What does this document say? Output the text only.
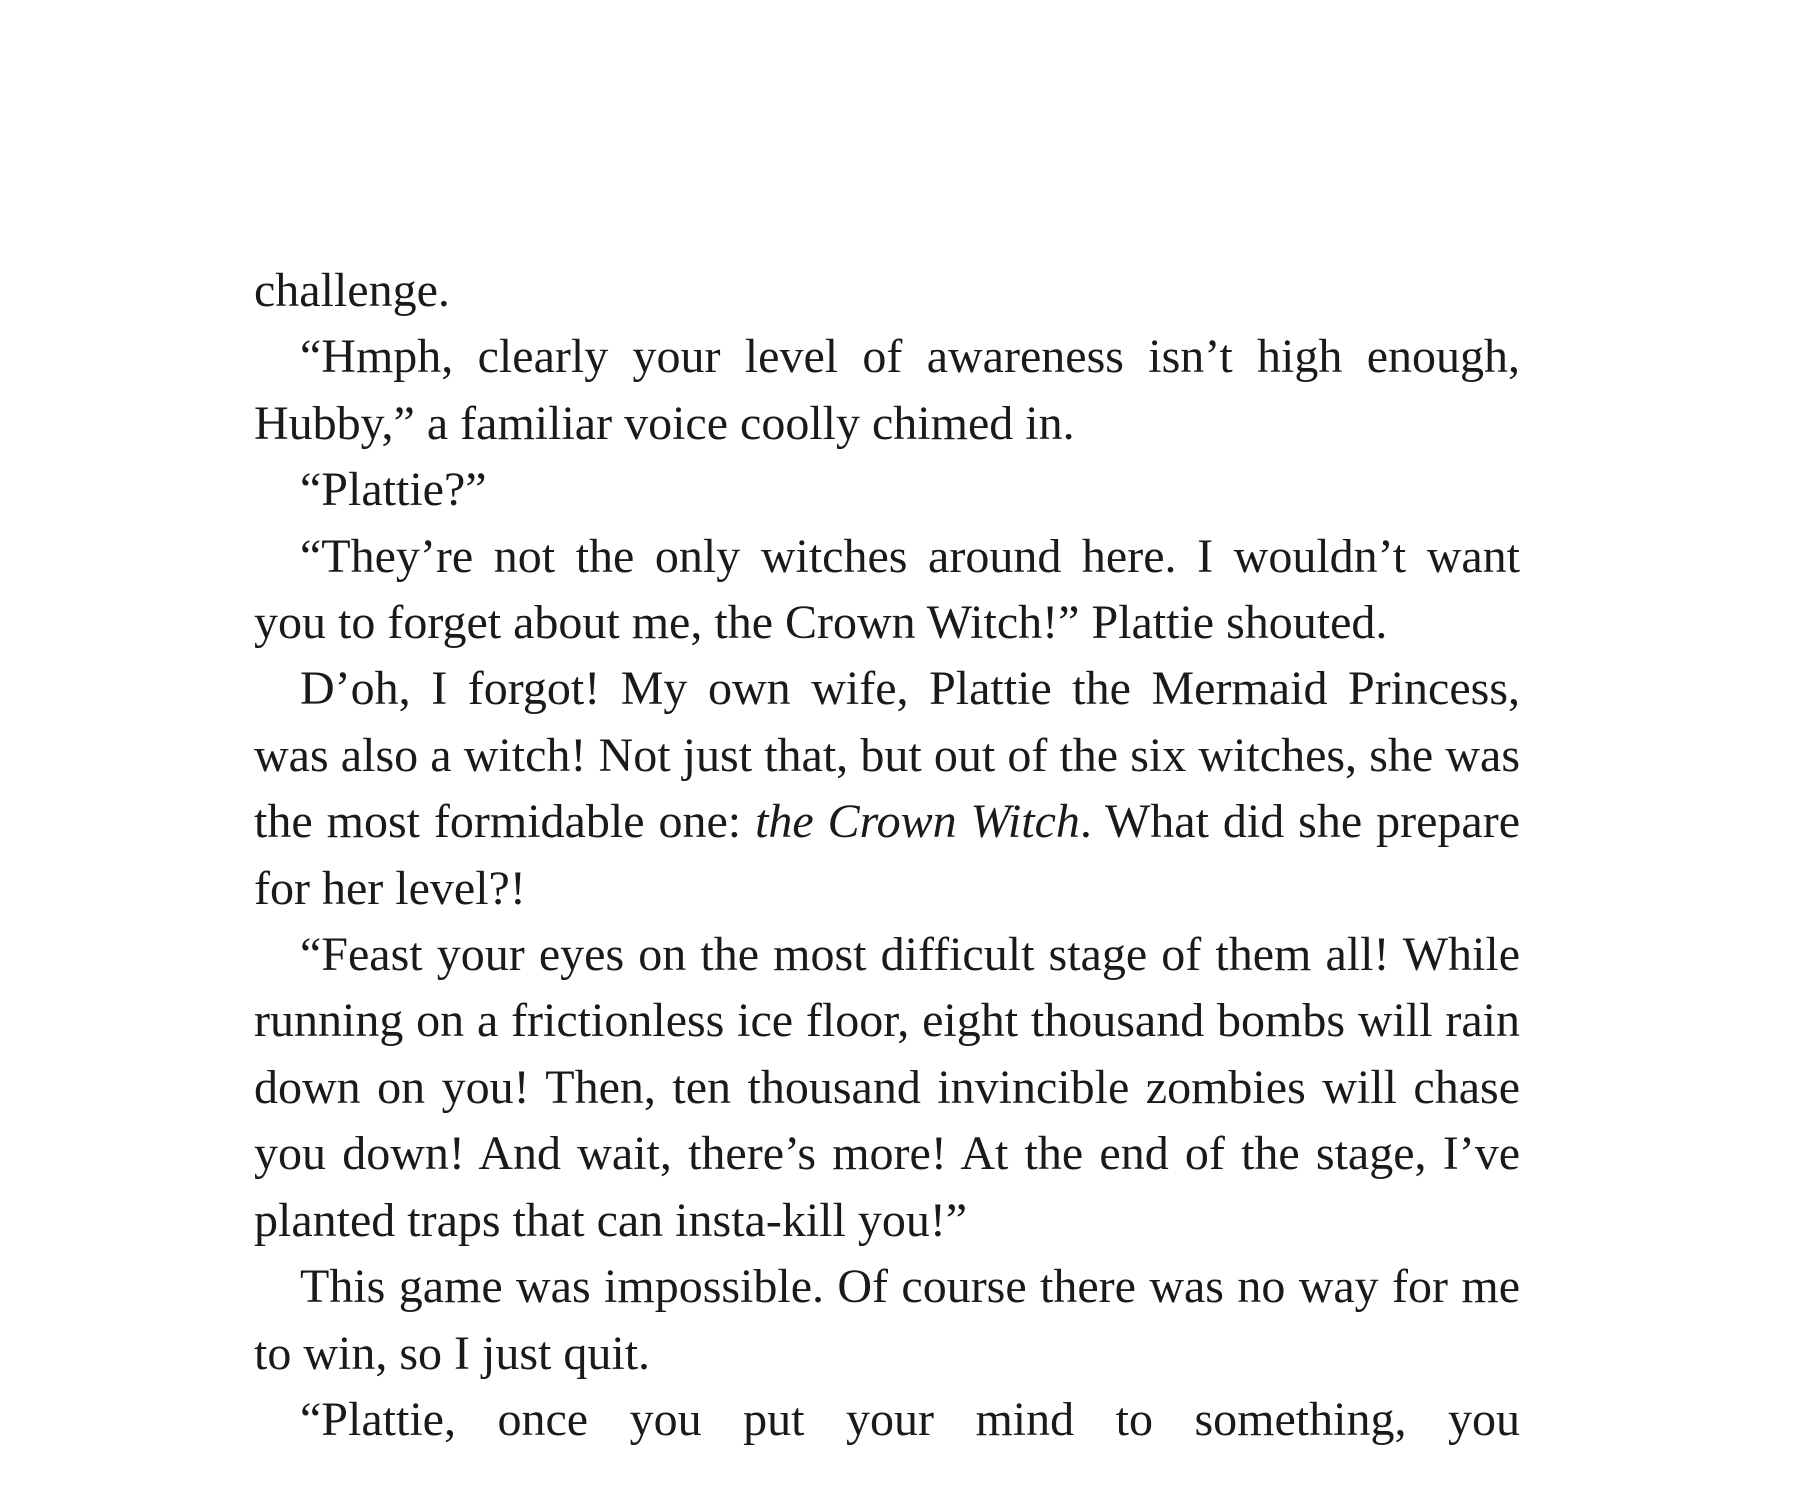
challenge.

“Hmph, clearly your level of awareness isn’t high enough, Hubby,” a familiar voice coolly chimed in.

“Plattie?”

“They’re not the only witches around here. I wouldn’t want you to forget about me, the Crown Witch!” Plattie shouted.

D’oh, I forgot! My own wife, Plattie the Mermaid Princess, was also a witch! Not just that, but out of the six witches, she was the most formidable one: the Crown Witch. What did she prepare for her level?!

“Feast your eyes on the most difficult stage of them all! While running on a frictionless ice floor, eight thousand bombs will rain down on you! Then, ten thousand invincible zombies will chase you down! And wait, there’s more! At the end of the stage, I’ve planted traps that can insta-kill you!”

This game was impossible. Of course there was no way for me to win, so I just quit.

“Plattie, once you put your mind to something, you
